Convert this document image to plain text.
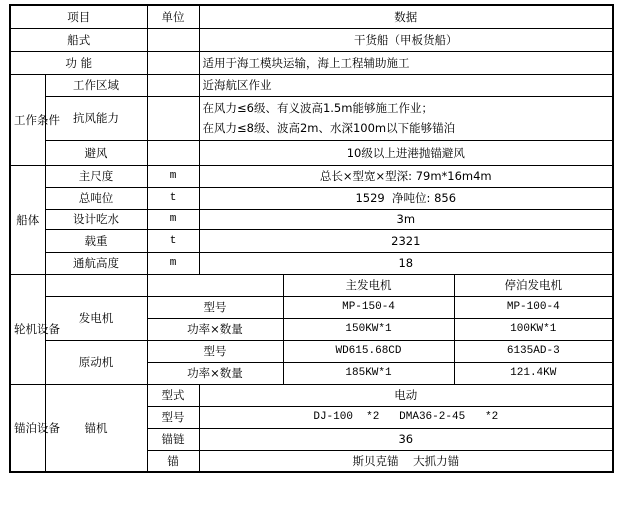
项目		单位	数据		
船式			干货船（甲板货船）		
功 能			适用于海工模块运输，海上工程辅助施工		
工作条件	工作区域		近海航区作业		
	抗风能力		在风力≤6级、有义波高1.5m能够施工作业；
在风力≤8级、波高2m、水深100m以下能够锚泊		

	避风		10级以上进港抛锚避风		
船体	主尺度	m	总长×型宽×型深: 79m*16m4m		
	总吨位	t	1529  净吨位: 856		
	设计吃水	m	3m		
	载重	t	2321		
	通航高度	m	18		
轮机设备				主发电机	停泊发电机
	发电机	型号		MP-150-4	MP-100-4
		功率×数量		150KW*1	100KW*1
	原动机	型号		WD615.68CD	6135AD-3
		功率×数量		185KW*1	121.4KW
锚泊设备	锚机	型式	电动		
		型号	DJ-100  *2   DMA36-2-45   *2		
		锚链	36		
		锚	斯贝克锚    大抓力锚		
